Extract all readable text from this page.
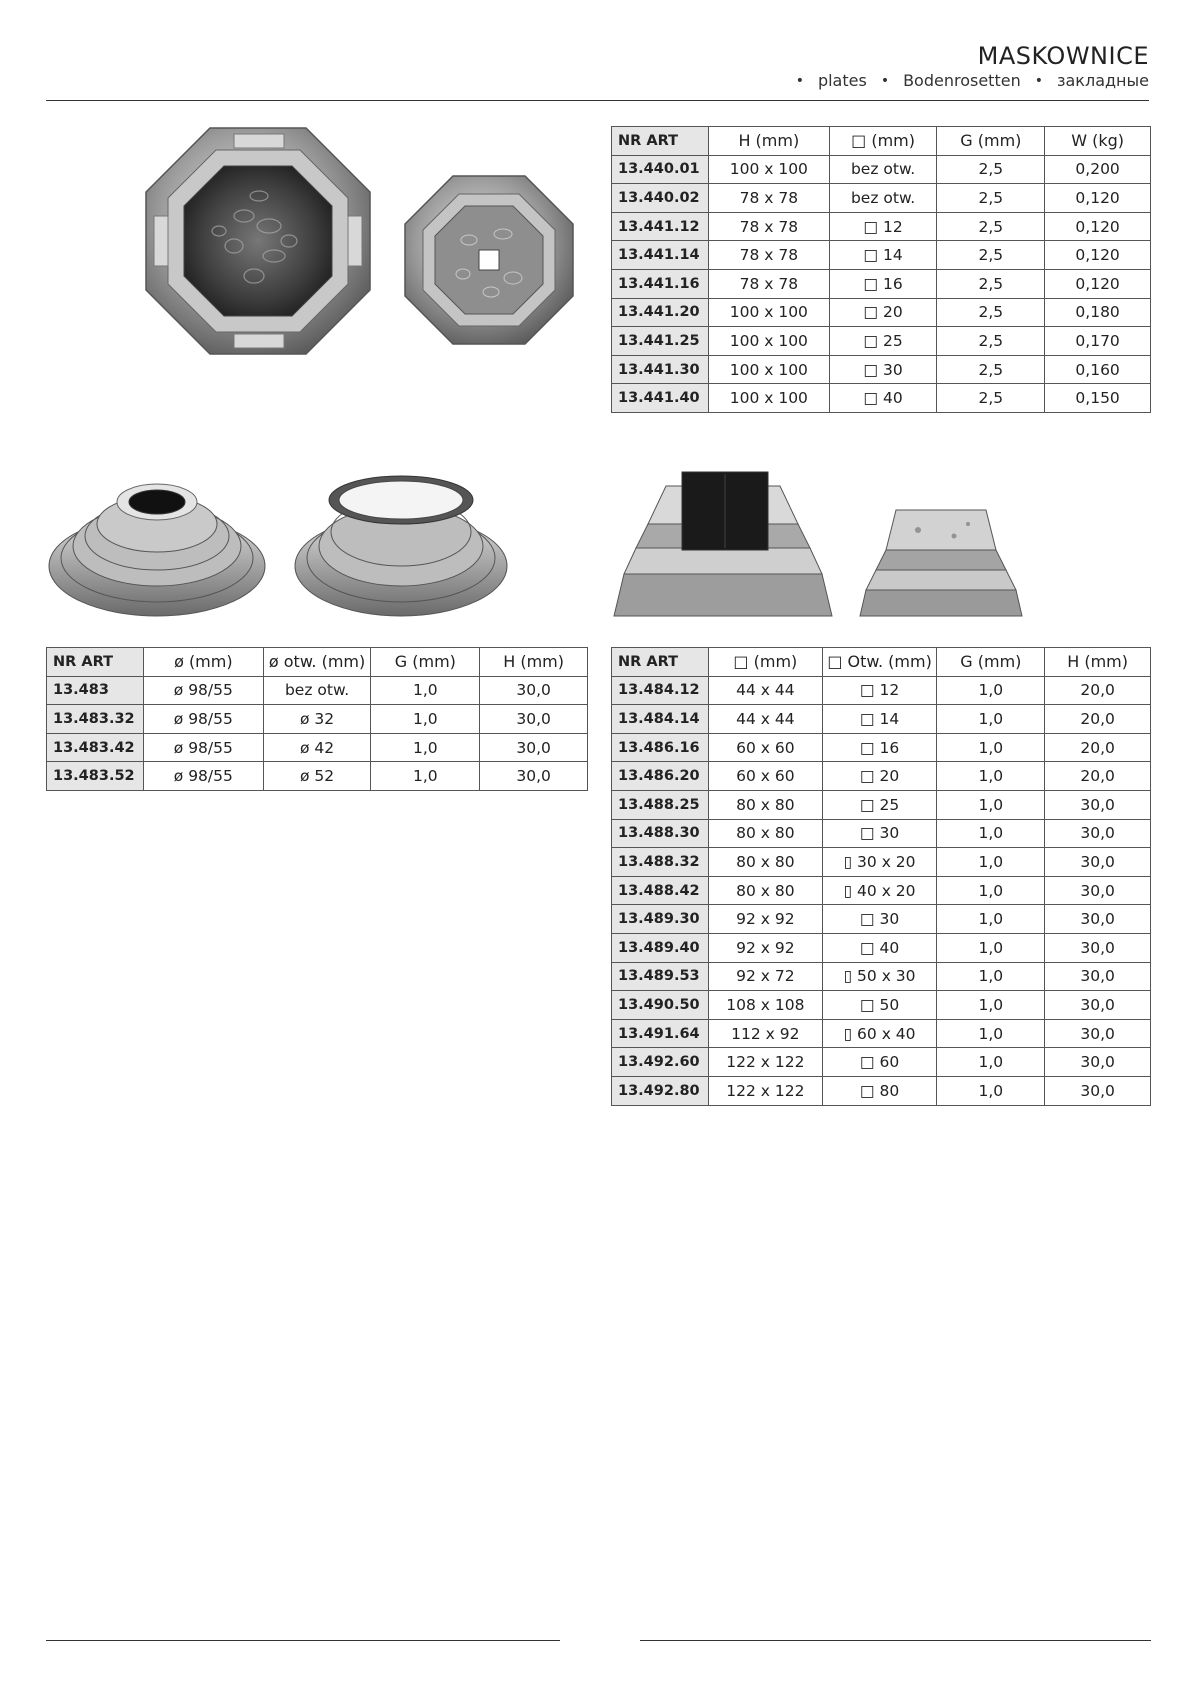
MASKOWNICE
• plates • Bodenrosetten • закладные
NR ART	H (mm)	□ (mm)	G (mm)	W (kg)
13.440.01	100 x 100	bez otw.	2,5	0,200
13.440.02	78 x 78	bez otw.	2,5	0,120
13.441.12	78 x 78	□ 12	2,5	0,120
13.441.14	78 x 78	□ 14	2,5	0,120
13.441.16	78 x 78	□ 16	2,5	0,120
13.441.20	100 x 100	□ 20	2,5	0,180
13.441.25	100 x 100	□ 25	2,5	0,170
13.441.30	100 x 100	□ 30	2,5	0,160
13.441.40	100 x 100	□ 40	2,5	0,150
NR ART	ø (mm)	ø otw. (mm)	G (mm)	H (mm)
13.483	ø 98/55	bez otw.	1,0	30,0
13.483.32	ø 98/55	ø 32	1,0	30,0
13.483.42	ø 98/55	ø 42	1,0	30,0
13.483.52	ø 98/55	ø 52	1,0	30,0
NR ART	□ (mm)	□ Otw. (mm)	G (mm)	H (mm)
13.484.12	44 x 44	□ 12	1,0	20,0
13.484.14	44 x 44	□ 14	1,0	20,0
13.486.16	60 x 60	□ 16	1,0	20,0
13.486.20	60 x 60	□ 20	1,0	20,0
13.488.25	80 x 80	□ 25	1,0	30,0
13.488.30	80 x 80	□ 30	1,0	30,0
13.488.32	80 x 80	▯ 30 x 20	1,0	30,0
13.488.42	80 x 80	▯ 40 x 20	1,0	30,0
13.489.30	92 x 92	□ 30	1,0	30,0
13.489.40	92 x 92	□ 40	1,0	30,0
13.489.53	92 x 72	▯ 50 x 30	1,0	30,0
13.490.50	108 x 108	□ 50	1,0	30,0
13.491.64	112 x 92	▯ 60 x 40	1,0	30,0
13.492.60	122 x 122	□ 60	1,0	30,0
13.492.80	122 x 122	□ 80	1,0	30,0
